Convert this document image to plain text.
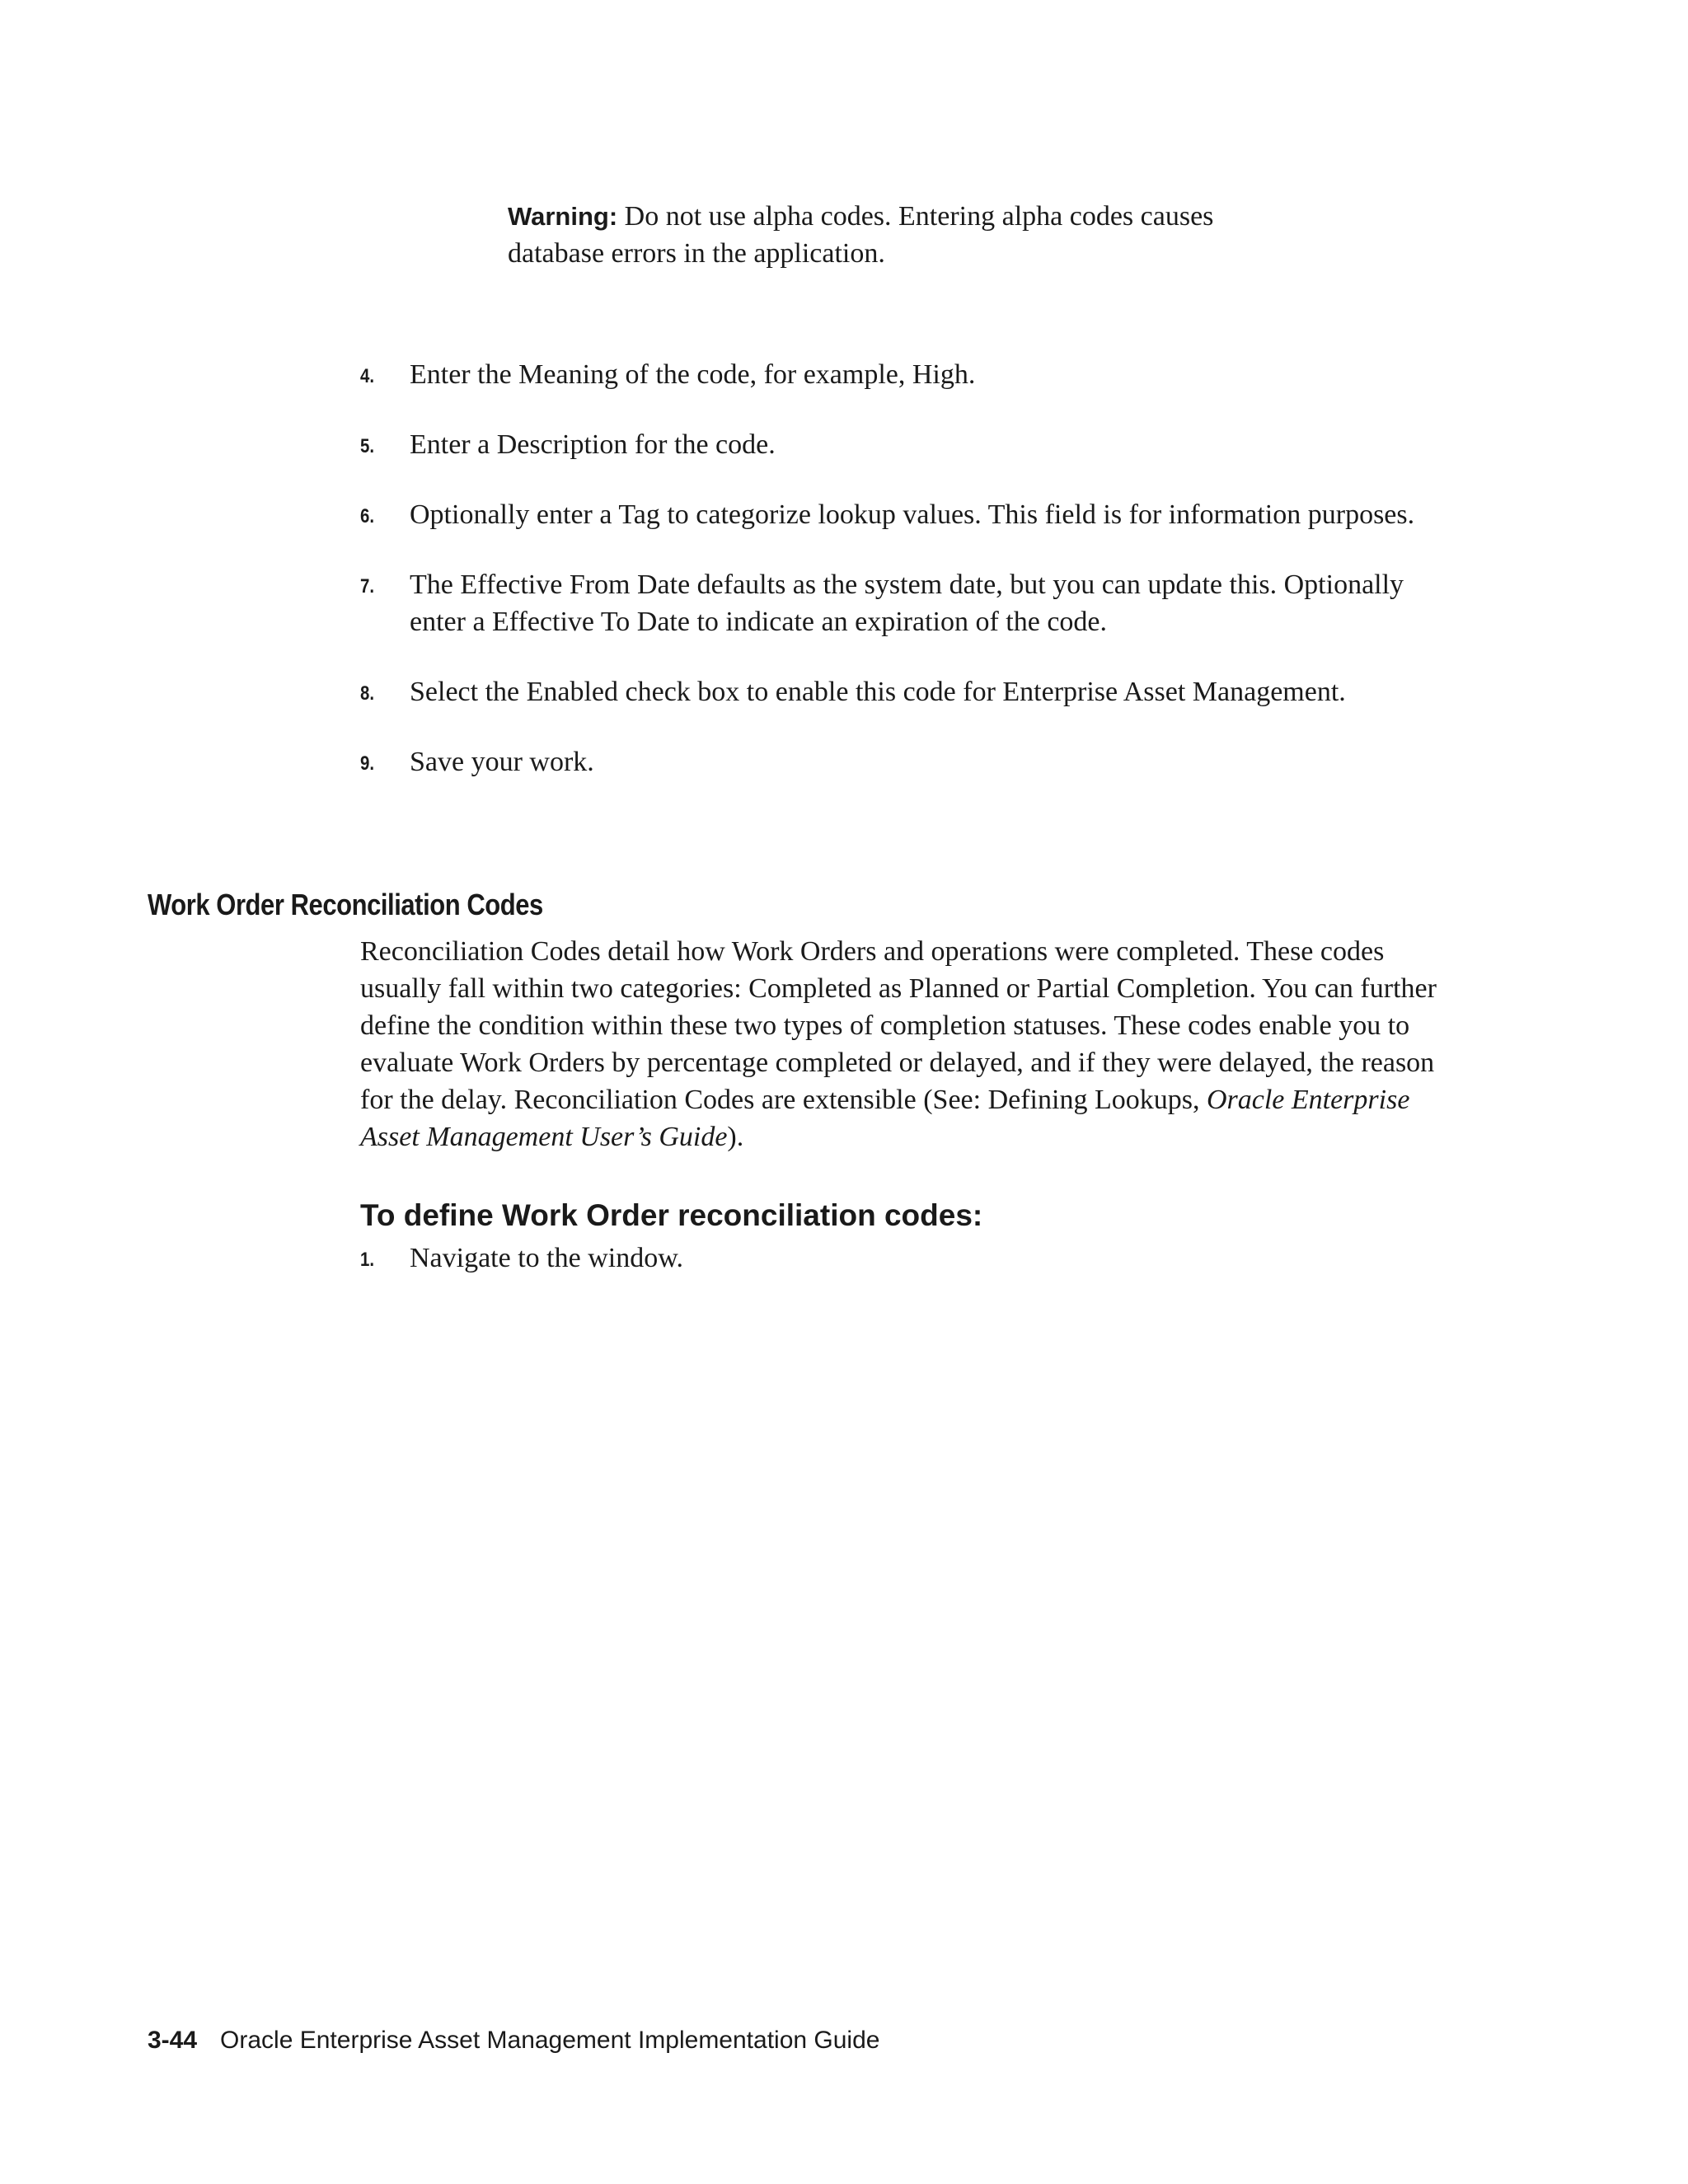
Warning: Do not use alpha codes. Entering alpha codes causes database errors in the application.
4. Enter the Meaning of the code, for example, High.
5. Enter a Description for the code.
6. Optionally enter a Tag to categorize lookup values. This field is for information purposes.
7. The Effective From Date defaults as the system date, but you can update this. Optionally enter a Effective To Date to indicate an expiration of the code.
8. Select the Enabled check box to enable this code for Enterprise Asset Management.
9. Save your work.
Work Order Reconciliation Codes

Reconciliation Codes detail how Work Orders and operations were completed. These codes usually fall within two categories: Completed as Planned or Partial Completion. You can further define the condition within these two types of completion statuses. These codes enable you to evaluate Work Orders by percentage completed or delayed, and if they were delayed, the reason for the delay. Reconciliation Codes are extensible (See: Defining Lookups, Oracle Enterprise Asset Management User’s Guide).

To define Work Order reconciliation codes:
1. Navigate to the window.
3-44 Oracle Enterprise Asset Management Implementation Guide
